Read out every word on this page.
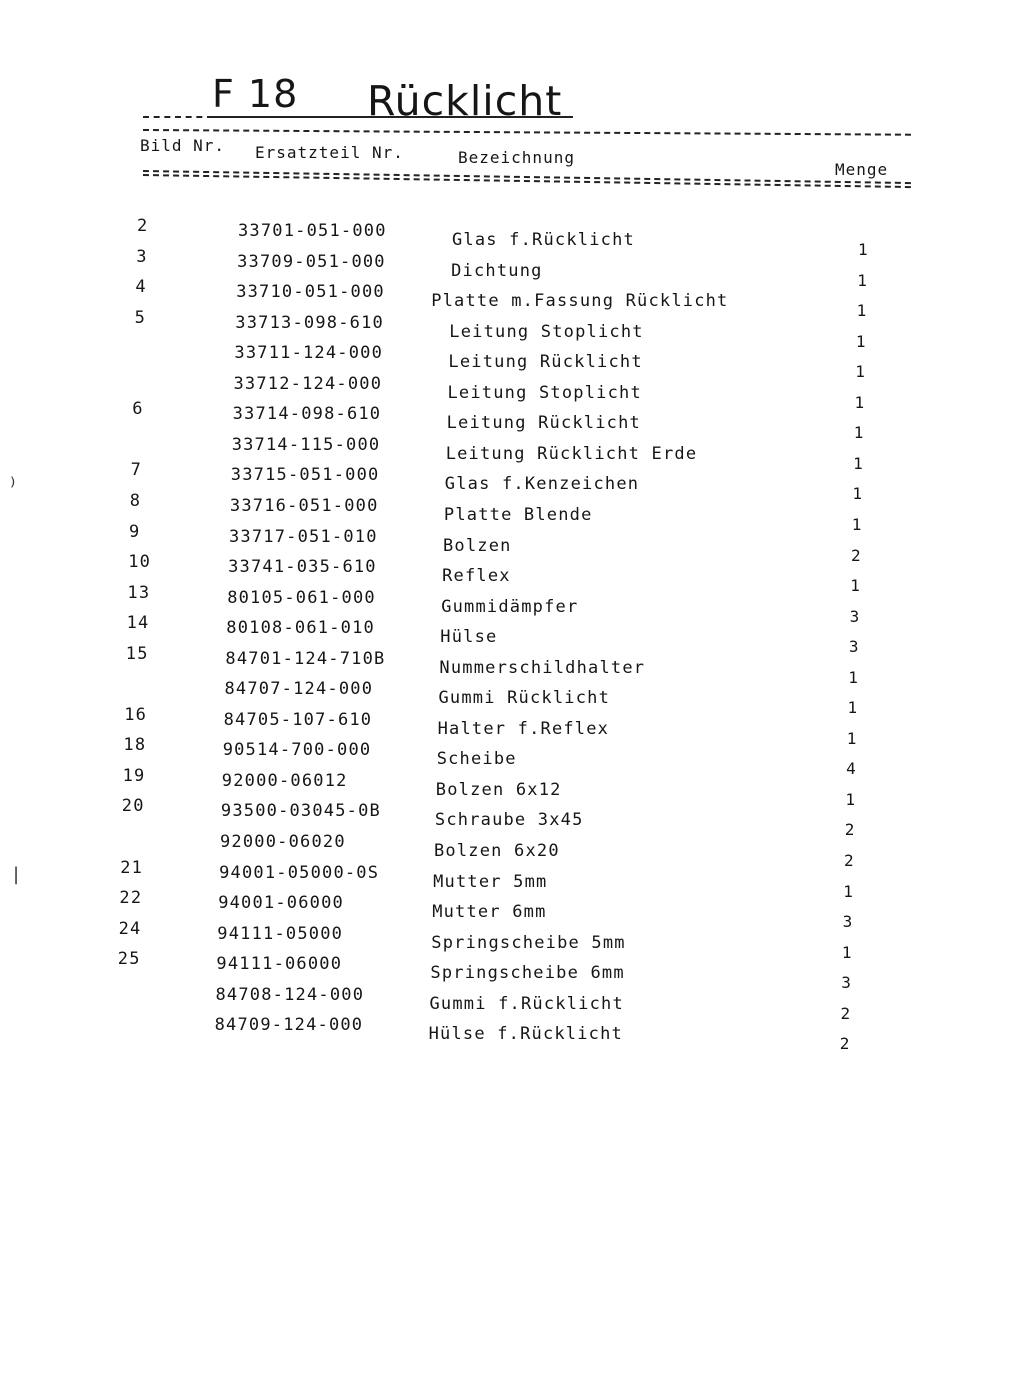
F 18 Rücklicht
Bild Nr. Ersatzteil Nr.	Bezeichnung
Menge
⁾
|
2	33701-051-000	Glas f.Rücklicht	1
3	33709-051-000	Dichtung	1
4	33710-051-000	Platte m.Fassung Rücklicht	1
5	33713-098-610	Leitung Stoplicht	1
33711-124-000	Leitung Rücklicht	1
33712-124-000	Leitung Stoplicht	1
6	33714-098-610	Leitung Rücklicht	1
33714-115-000	Leitung Rücklicht Erde	1
7	33715-051-000	Glas f.Kenzeichen	1
8	33716-051-000	Platte Blende	1
9	33717-051-010	Bolzen	2
10	33741-035-610	Reflex	1
13	80105-061-000	Gummidämpfer	3
14	80108-061-010	Hülse	3
15	84701-124-710B	Nummerschildhalter	1
84707-124-000	Gummi Rücklicht	1
16	84705-107-610	Halter f.Reflex	1
18	90514-700-000	Scheibe	4
19	92000-06012	Bolzen 6x12	1
20	93500-03045-0B	Schraube 3x45	2
92000-06020	Bolzen 6x20	2
21	94001-05000-0S	Mutter 5mm	1
22	94001-06000	Mutter 6mm	3
24	94111-05000	Springscheibe 5mm	1
25	94111-06000	Springscheibe 6mm	3
84708-124-000	Gummi f.Rücklicht	2
84709-124-000	Hülse f.Rücklicht	2
